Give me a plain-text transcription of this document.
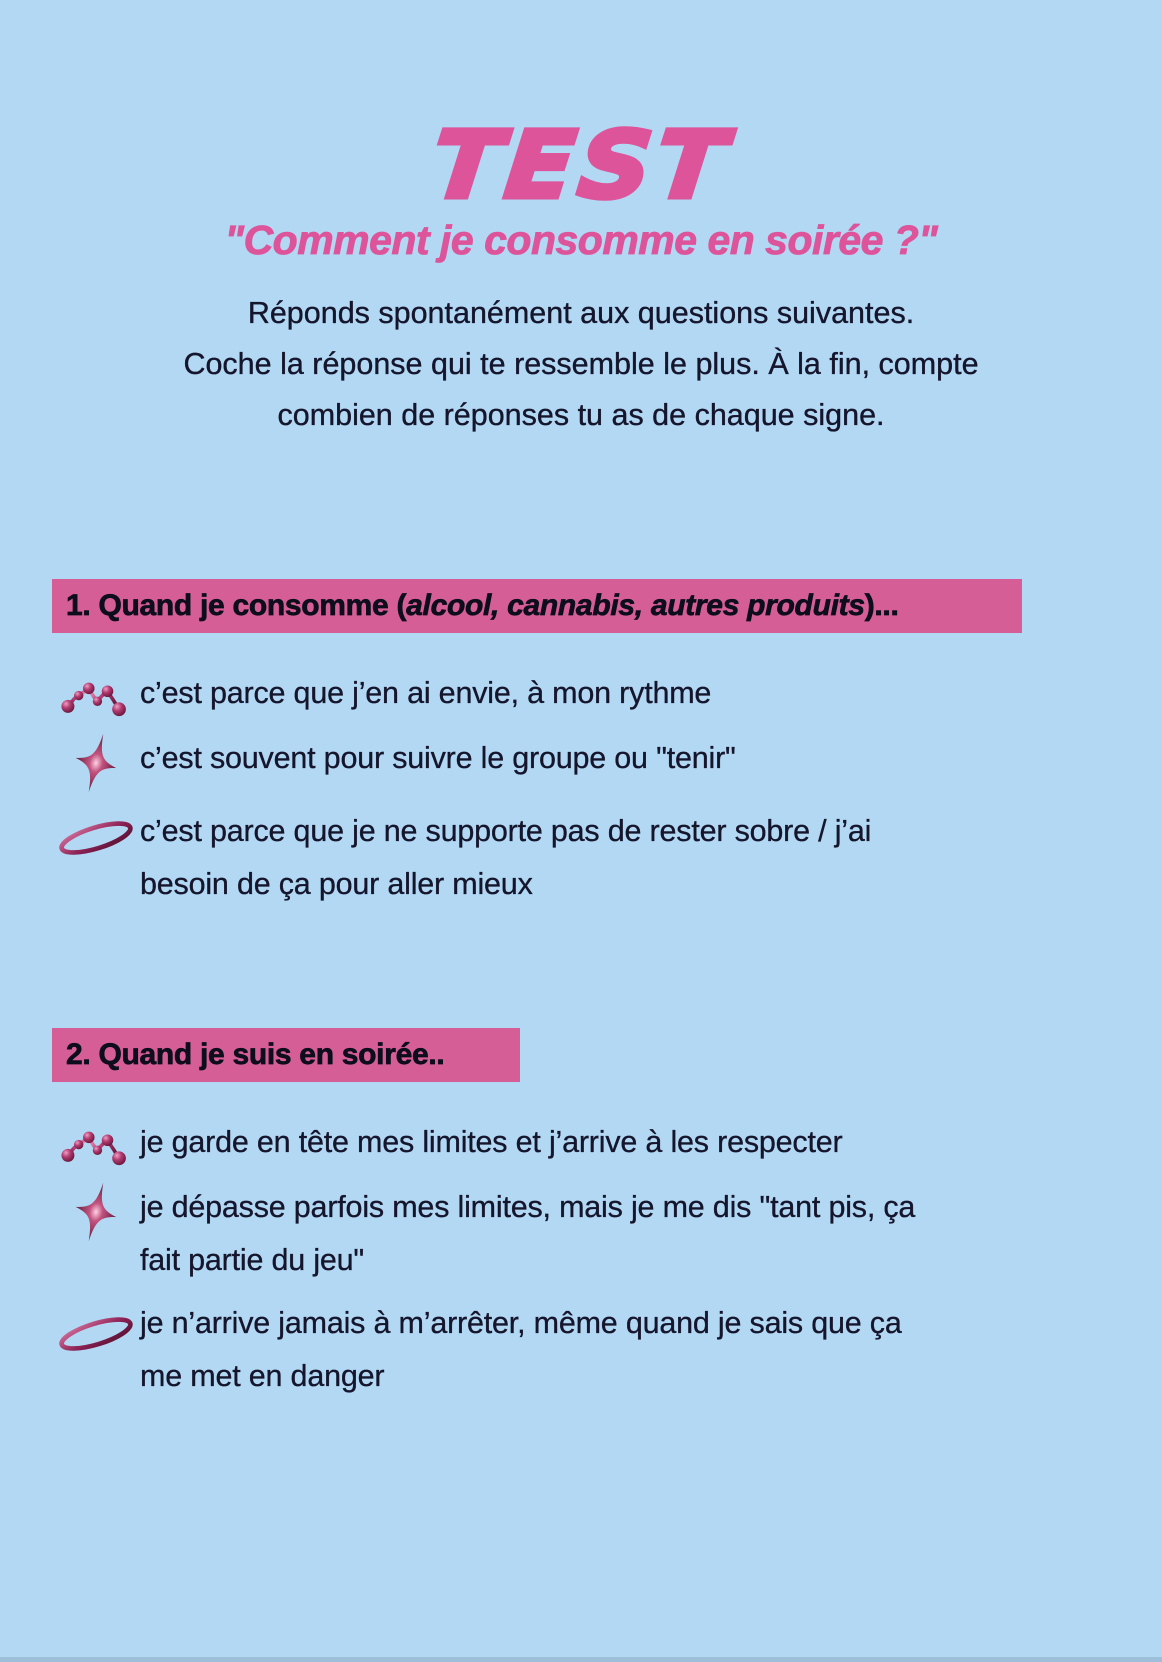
TEST
"Comment je consomme en soirée ?"
Réponds spontanément aux questions suivantes.
Coche la réponse qui te ressemble le plus. À la fin, compte
combien de réponses tu as de chaque signe.
1. Quand je consomme (alcool, cannabis, autres produits)...
c’est parce que j’en ai envie, à mon rythme
c’est souvent pour suivre le groupe ou "tenir"
c’est parce que je ne supporte pas de rester sobre / j’ai
besoin de ça pour aller mieux
2. Quand je suis en soirée..
je garde en tête mes limites et j’arrive à les respecter
je dépasse parfois mes limites, mais je me dis "tant pis, ça
fait partie du jeu"
je n’arrive jamais à m’arrêter, même quand je sais que ça
me met en danger
